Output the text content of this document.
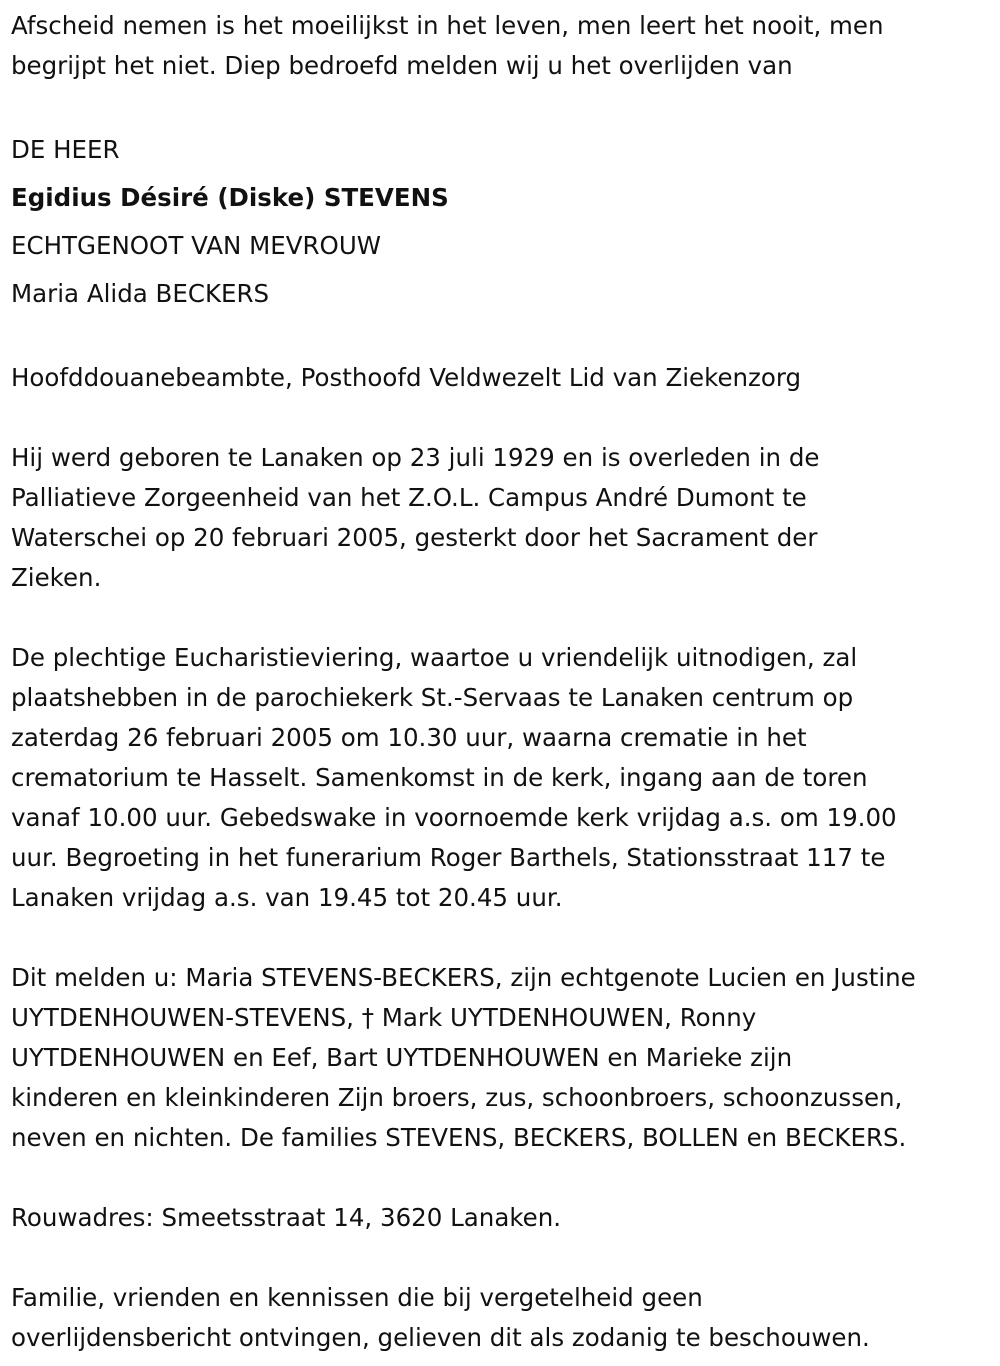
Afscheid nemen is het moeilijkst in het leven, men leert het nooit, men
begrijpt het niet. Diep bedroefd melden wij u het overlijden van

DE HEER

Egidius Désiré (Diske) STEVENS

ECHTGENOOT VAN MEVROUW

Maria Alida BECKERS

Hoofddouanebeambte, Posthoofd Veldwezelt Lid van Ziekenzorg

Hij werd geboren te Lanaken op 23 juli 1929 en is overleden in de
Palliatieve Zorgeenheid van het Z.O.L. Campus André Dumont te
Waterschei op 20 februari 2005, gesterkt door het Sacrament der
Zieken.

De plechtige Eucharistieviering, waartoe u vriendelijk uitnodigen, zal
plaatshebben in de parochiekerk St.-Servaas te Lanaken centrum op
zaterdag 26 februari 2005 om 10.30 uur, waarna crematie in het
crematorium te Hasselt. Samenkomst in de kerk, ingang aan de toren
vanaf 10.00 uur. Gebedswake in voornoemde kerk vrijdag a.s. om 19.00
uur. Begroeting in het funerarium Roger Barthels, Stationsstraat 117 te
Lanaken vrijdag a.s. van 19.45 tot 20.45 uur.

Dit melden u: Maria STEVENS-BECKERS, zijn echtgenote Lucien en Justine
UYTDENHOUWEN-STEVENS, † Mark UYTDENHOUWEN, Ronny
UYTDENHOUWEN en Eef, Bart UYTDENHOUWEN en Marieke zijn
kinderen en kleinkinderen Zijn broers, zus, schoonbroers, schoonzussen,
neven en nichten. De families STEVENS, BECKERS, BOLLEN en BECKERS.

Rouwadres: Smeetsstraat 14, 3620 Lanaken.

Familie, vrienden en kennissen die bij vergetelheid geen
overlijdensbericht ontvingen, gelieven dit als zodanig te beschouwen.
